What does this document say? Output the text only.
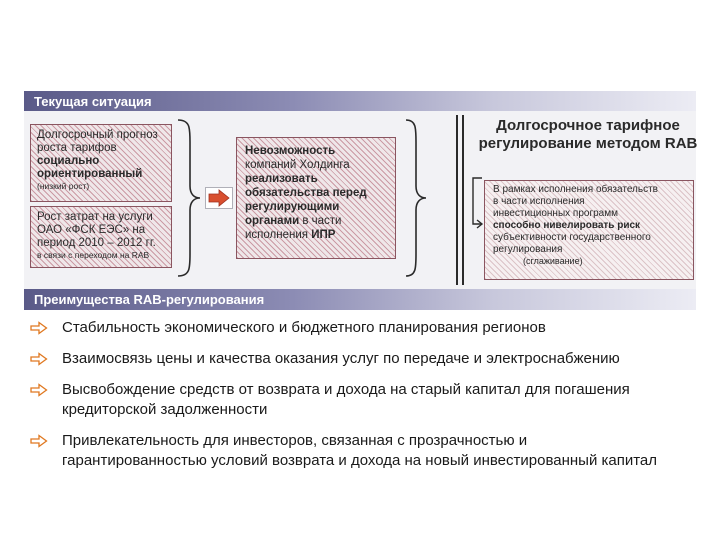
Текущая ситуация
Долгосрочный прогноз
роста тарифов
социально
ориентированный
(низкий рост)
Рост затрат на услуги
ОАО «ФСК ЕЭС» на
период 2010 – 2012 гг.
в связи с переходом на RAB
Невозможность
компаний Холдинга
реализовать
обязательства перед
регулирующими
органами в части
исполнения ИПР
Долгосрочное тарифное регулирование методом RAB
В рамках исполнения обязательств
в части исполнения
инвестиционных программ
способно нивелировать риск
субъективности государственного
регулирования
(сглаживание)
Преимущества RAB-регулирования
Стабильность экономического и бюджетного планирования регионов
Взаимосвязь цены и качества оказания услуг по передаче и электроснабжению
Высвобождение средств от возврата и дохода на старый капитал для погашения
кредиторской задолженности
Привлекательность для инвесторов, связанная с прозрачностью и
гарантированностью условий возврата и дохода на новый инвестированный капитал
